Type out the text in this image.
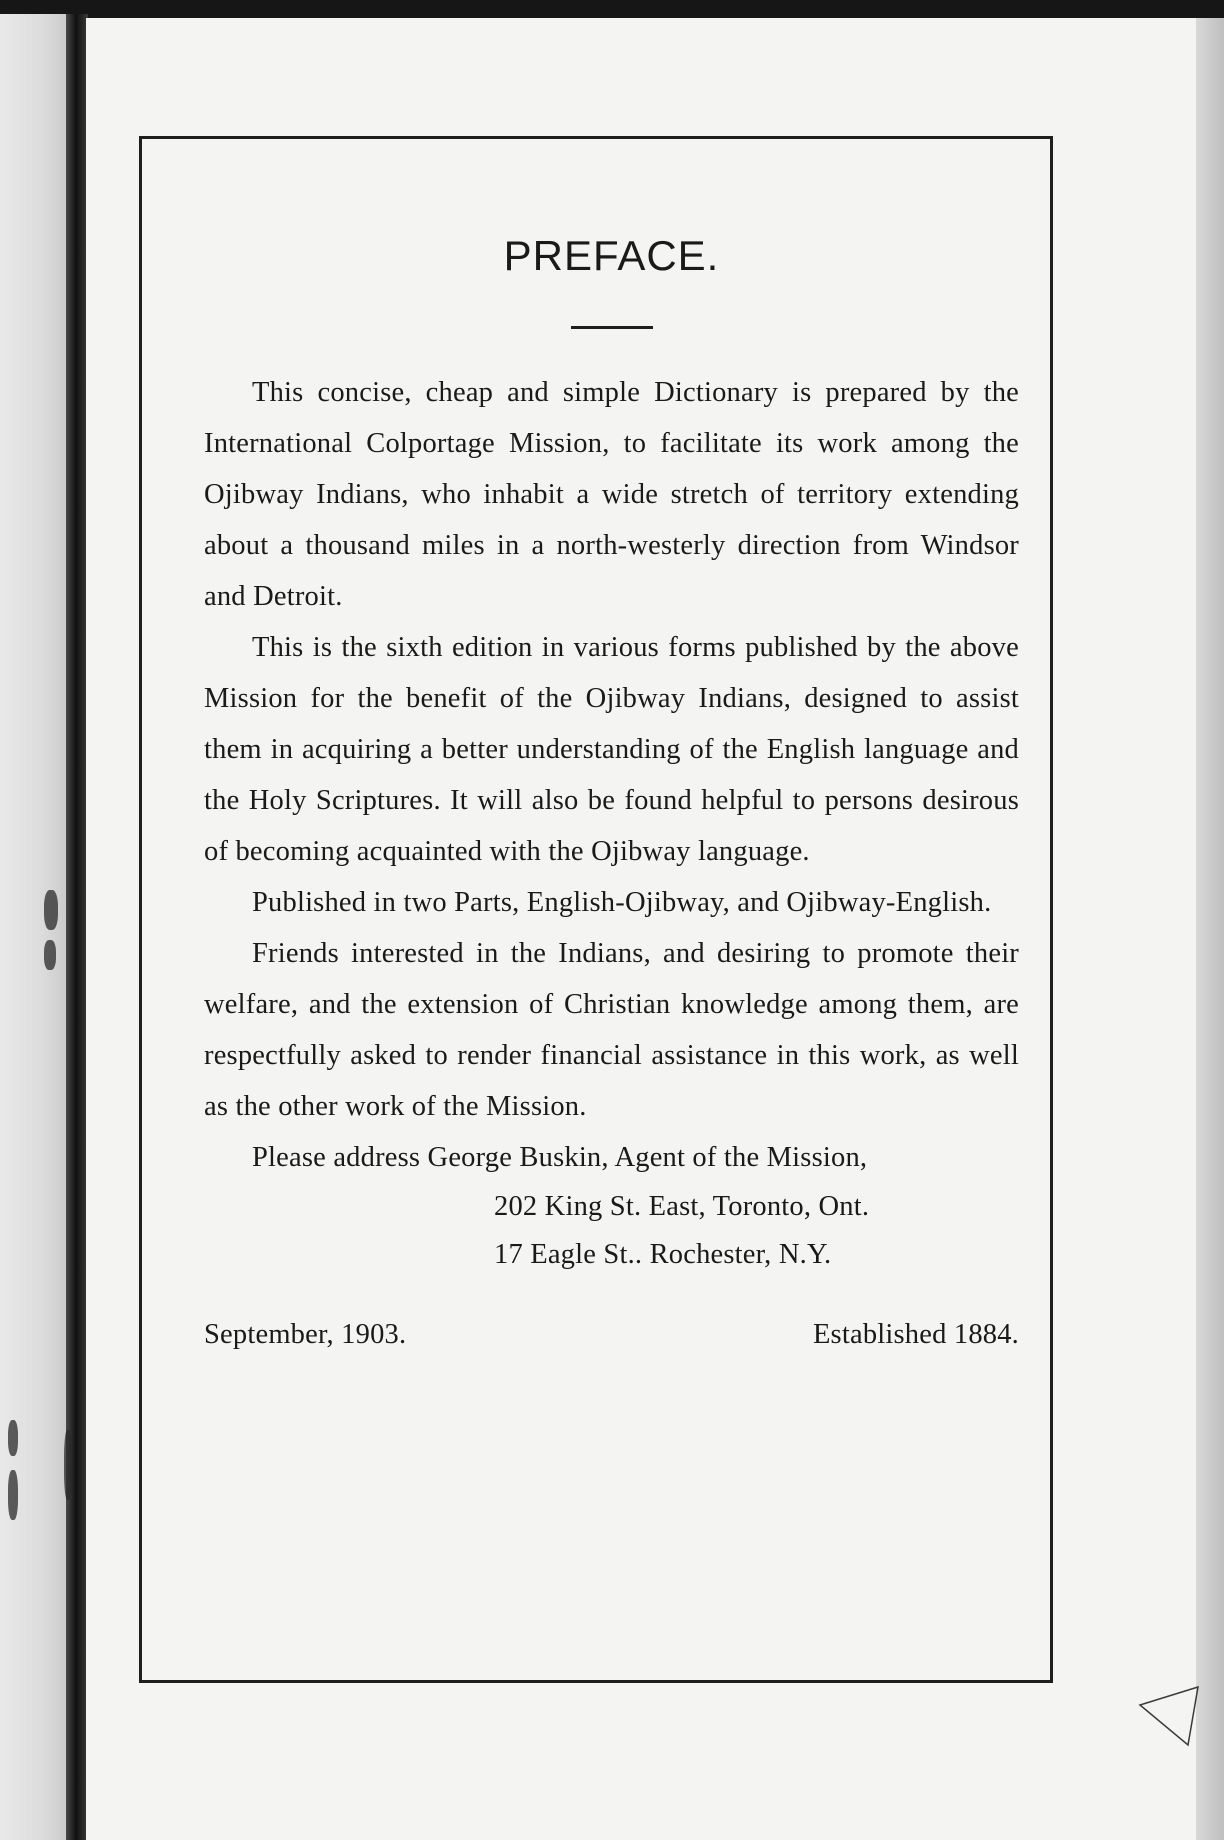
PREFACE.

This concise, cheap and simple Dictionary is prepared by the International Colportage Mission, to facilitate its work among the Ojibway Indians, who inhabit a wide stretch of territory extending about a thousand miles in a north-westerly direction from Windsor and Detroit.

This is the sixth edition in various forms published by the above Mission for the benefit of the Ojibway Indians, designed to assist them in acquiring a better understanding of the English language and the Holy Scriptures. It will also be found helpful to persons desirous of becoming acquainted with the Ojibway language.

Published in two Parts, English-Ojibway, and Ojibway-English.

Friends interested in the Indians, and desiring to promote their welfare, and the extension of Christian knowledge among them, are respectfully asked to render financial assistance in this work, as well as the other work of the Mission.

Please address George Buskin, Agent of the Mission,

202 King St. East, Toronto, Ont.
17 Eagle St.. Rochester, N.Y.
September, 1903.	Established 1884.
